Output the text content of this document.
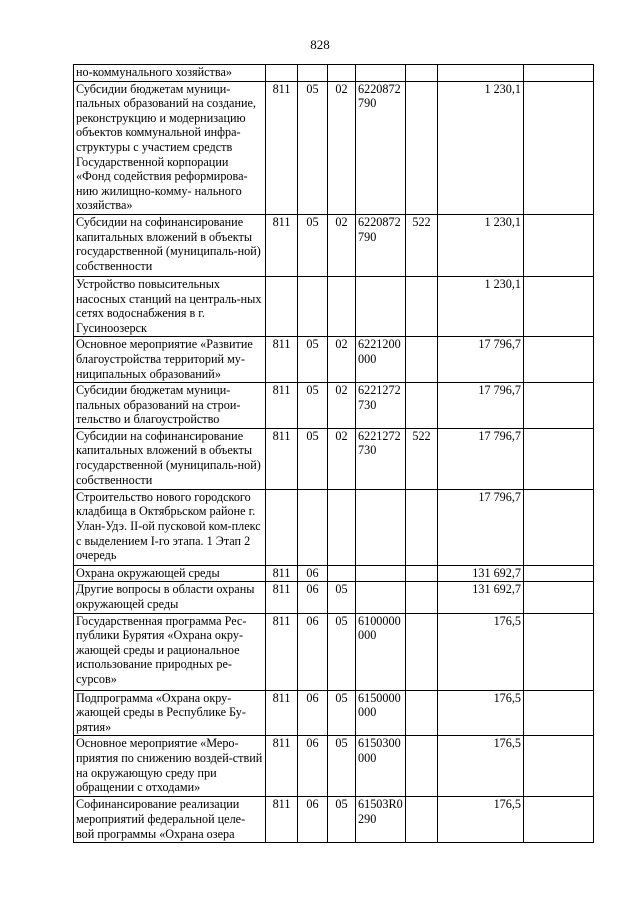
828
но-коммунального хозяйства»							
Субсидии бюджетам муници-пальных образований на создание, реконструкцию и модернизацию объектов коммунальной инфра-структуры с участием средств Государственной корпорации «Фонд содействия реформирова-нию жилищно-комму- нального хозяйства»	811	05	02	6220872 790		1 230,1	
Субсидии на софинансирование капитальных вложений в объекты государственной (муниципаль-ной) собственности	811	05	02	6220872 790	522	1 230,1	
Устройство повысительных насосных станций на централь-ных сетях водоснабжения в г. Гусиноозерск						1 230,1	
Основное мероприятие «Развитие благоустройства территорий му-ниципальных образований»	811	05	02	6221200 000		17 796,7	
Субсидии бюджетам муници-пальных образований на строи-тельство и благоустройство	811	05	02	6221272 730		17 796,7	
Субсидии на софинансирование капитальных вложений в объекты государственной (муниципаль-ной) собственности	811	05	02	6221272 730	522	17 796,7	
Строительство нового городского кладбища в Октябрьском районе г. Улан-Удэ. II-ой пусковой ком-плекс с выделением I-го этапа. 1 Этап 2 очередь						17 796,7	
Охрана окружающей среды	811	06				131 692,7	
Другие вопросы в области охраны окружающей среды	811	06	05			131 692,7	
Государственная программа Рес-публики Бурятия «Охрана окру-жающей среды и рациональное использование природных ре-сурсов»	811	06	05	6100000 000		176,5	
Подпрограмма «Охрана окру-жающей среды в Республике Бу-рятия»	811	06	05	6150000 000		176,5	
Основное мероприятие «Меро-приятия по снижению воздей-ствий на окружающую среду при обращении с отходами»	811	06	05	6150300 000		176,5	
Софинансирование реализации мероприятий федеральной целе-вой программы «Охрана озера	811	06	05	61503R0 290		176,5	
